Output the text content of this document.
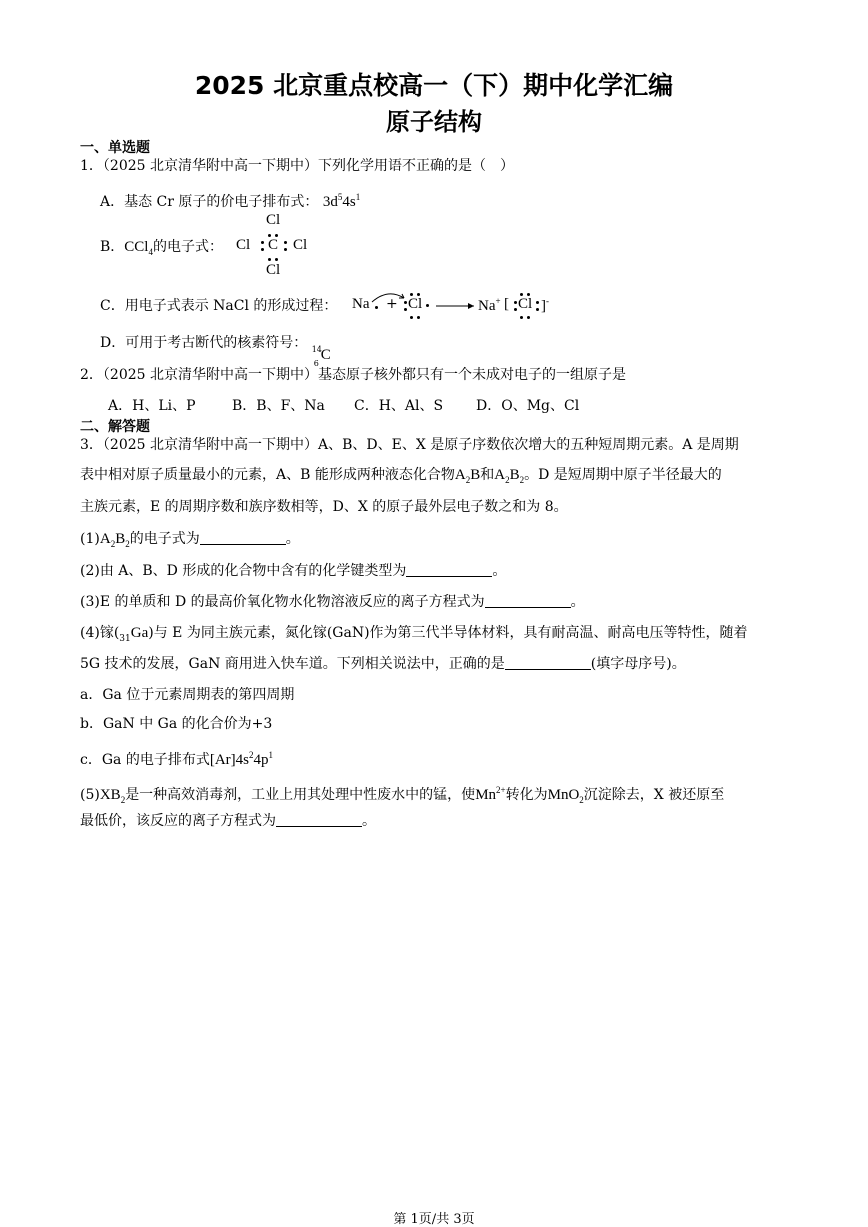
2025 北京重点校高一（下）期中化学汇编
原子结构
一、单选题
1．（2025 北京清华附中高一下期中）下列化学用语不正确的是（　）
A．基态 Cr 原子的价电子排布式： $3d^54s^1$
B．CCl$_4$的电子式：
Cl
Cl C Cl
Cl
C．用电子式表示 NaCl 的形成过程： Na + Cl → Na+ [ Cl ]-
D．可用于考古断代的核素符号： 14
6
C
2．（2025 北京清华附中高一下期中）基态原子核外都只有一个未成对电子的一组原子是
A．H、Li、P	B．B、F、Na C．H、Al、S D．O、Mg、Cl
二、解答题
3．（2025 北京清华附中高一下期中）A、B、D、E、X 是原子序数依次增大的五种短周期元素。A 是周期
表中相对原子质量最小的元素，A、B 能形成两种液态化合物$A_2B$和$A_2B_2$。D 是短周期中原子半径最大的
主族元素，E 的周期序数和族序数相等，D、X 的原子最外层电子数之和为 8。
$(1)A_2B_2$的电子式为	。
(2)由 A、B、D 形成的化合物中含有的化学键类型为	。
(3)E 的单质和 D 的最高价氧化物水化物溶液反应的离子方程式为	。
(4)镓$(_{31}Ga)$与 E 为同主族元素，氮化镓(GaN)作为第三代半导体材料，具有耐高温、耐高电压等特性，随着
5G 技术的发展，GaN 商用进入快车道。下列相关说法中，正确的是	(填字母序号)。
a．Ga 位于元素周期表的第四周期
b．GaN 中 Ga 的化合价为+3
c．Ga 的电子排布式$[Ar]4s^24p^1$
$(5)XB_2$是一种高效消毒剂，工业上用其处理中性废水中的锰，使$Mn^{2+}$转化为MnO$_2$沉淀除去，X 被还原至
最低价，该反应的离子方程式为	。
第 1页/共 3页
